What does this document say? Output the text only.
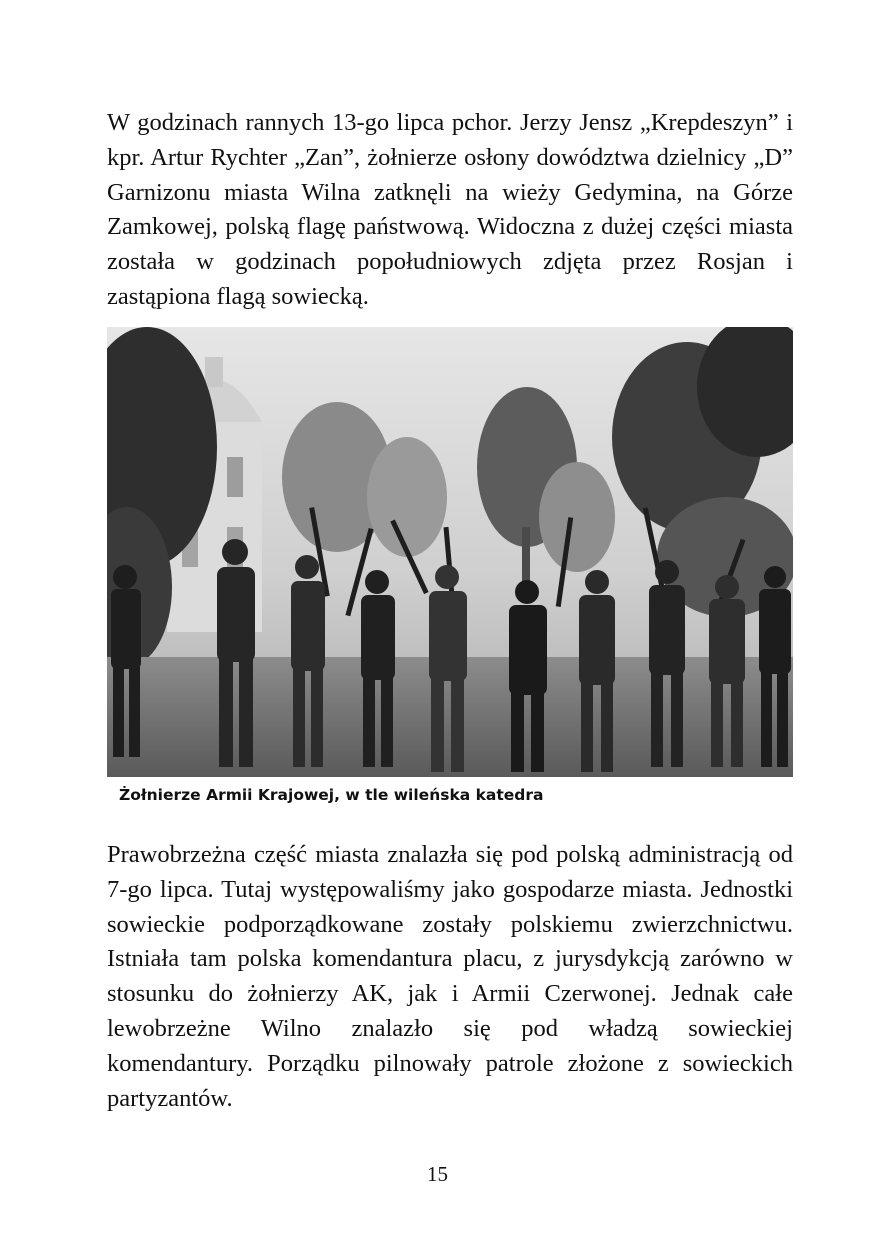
W godzinach rannych 13-go lipca pchor. Jerzy Jensz „Krepdeszyn” i kpr. Artur Rychter „Zan”, żołnierze osłony dowództwa dzielnicy „D” Garnizonu miasta Wilna zatknęli na wieży Gedymina, na Górze Zamkowej, polską flagę państwową. Widoczna z dużej części miasta została w godzinach popołudniowych zdjęta przez Rosjan i zastąpiona flagą sowiecką.

Żołnierze Armii Krajowej, w tle wileńska katedra

Prawobrzeżna część miasta znalazła się pod polską administracją od 7-go lipca. Tutaj występowaliśmy jako gospodarze miasta. Jednostki sowieckie podporządkowane zostały polskiemu zwierzchnictwu. Istniała tam polska komendantura placu, z jurysdykcją zarówno w stosunku do żołnierzy AK, jak i Armii Czerwonej. Jednak całe lewobrzeżne Wilno znalazło się pod władzą sowieckiej komendantury. Porządku pilnowały patrole złożone z sowieckich partyzantów.

15
